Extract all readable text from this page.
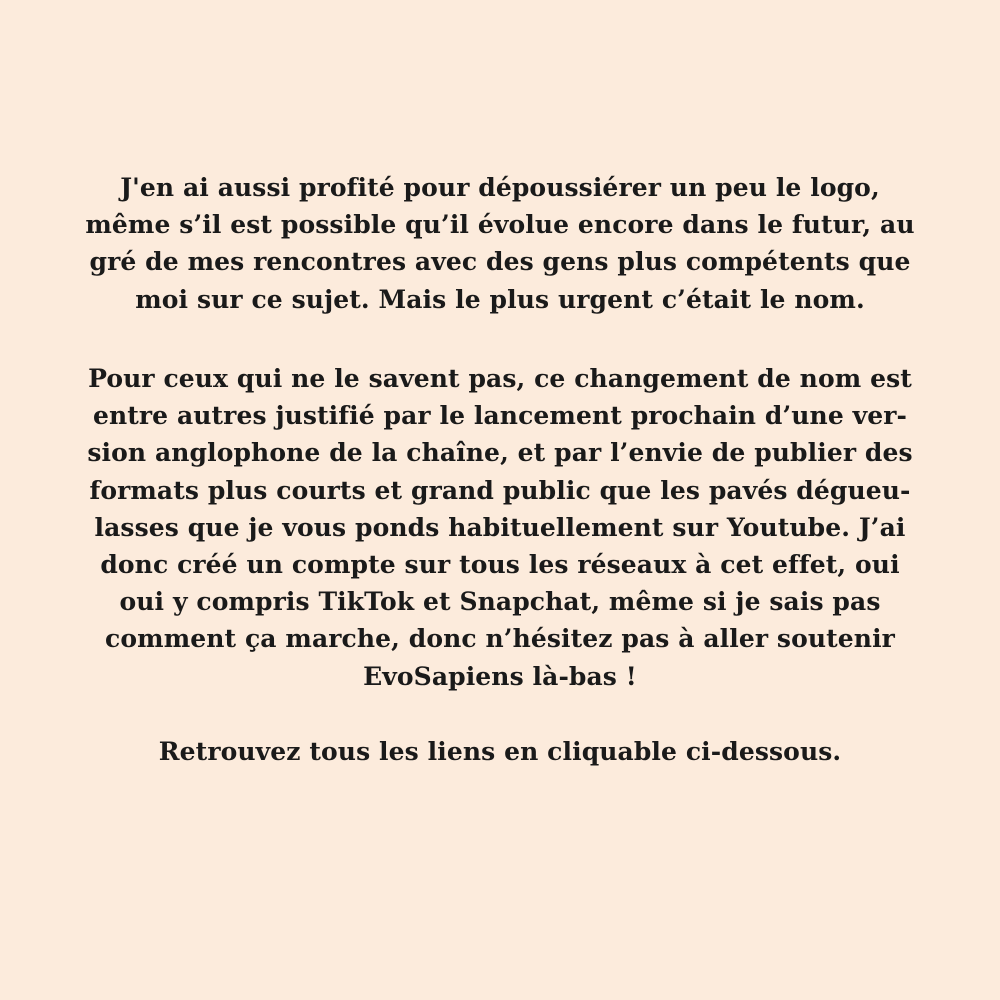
J'en ai aussi profité pour dépoussiérer un peu le logo,
même s’il est possible qu’il évolue encore dans le futur, au
gré de mes rencontres avec des gens plus compétents que
moi sur ce sujet. Mais le plus urgent c’était le nom.

Pour ceux qui ne le savent pas, ce changement de nom est
entre autres justifié par le lancement prochain d’une ver-
sion anglophone de la chaîne, et par l’envie de publier des
formats plus courts et grand public que les pavés dégueu-
lasses que je vous ponds habituellement sur Youtube. J’ai
donc créé un compte sur tous les réseaux à cet effet, oui
oui y compris TikTok et Snapchat, même si je sais pas
comment ça marche, donc n’hésitez pas à aller soutenir
EvoSapiens là-bas !

Retrouvez tous les liens en cliquable ci-dessous.
